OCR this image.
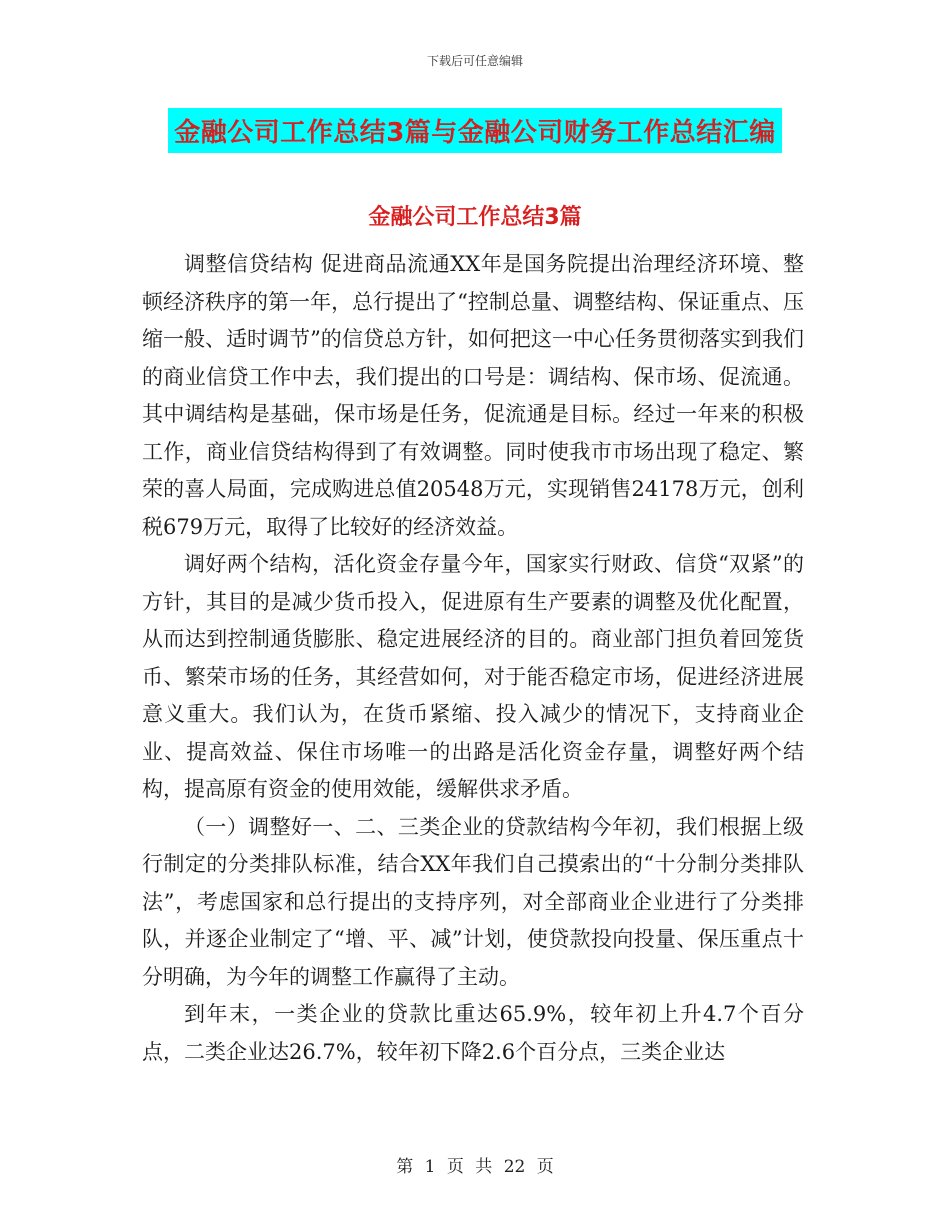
下载后可任意编辑
金融公司工作总结3篇与金融公司财务工作总结汇编
金融公司工作总结3篇

调整信贷结构 促进商品流通XX年是国务院提出治理经济环境、整顿经济秩序的第一年，总行提出了“控制总量、调整结构、保证重点、压缩一般、适时调节”的信贷总方针，如何把这一中心任务贯彻落实到我们的商业信贷工作中去，我们提出的口号是：调结构、保市场、促流通。其中调结构是基础，保市场是任务，促流通是目标。经过一年来的积极工作，商业信贷结构得到了有效调整。同时使我市市场出现了稳定、繁荣的喜人局面，完成购进总值20548万元，实现销售24178万元，创利税679万元，取得了比较好的经济效益。

调好两个结构，活化资金存量今年，国家实行财政、信贷“双紧”的方针，其目的是减少货币投入，促进原有生产要素的调整及优化配置，从而达到控制通货膨胀、稳定进展经济的目的。商业部门担负着回笼货币、繁荣市场的任务，其经营如何，对于能否稳定市场，促进经济进展意义重大。我们认为，在货币紧缩、投入减少的情况下，支持商业企业、提高效益、保住市场唯一的出路是活化资金存量，调整好两个结构，提高原有资金的使用效能，缓解供求矛盾。

（一）调整好一、二、三类企业的贷款结构今年初，我们根据上级行制定的分类排队标准，结合XX年我们自己摸索出的“十分制分类排队法”，考虑国家和总行提出的支持序列，对全部商业企业进行了分类排队，并逐企业制定了“增、平、减”计划，使贷款投向投量、保压重点十分明确，为今年的调整工作赢得了主动。

到年末，一类企业的贷款比重达65.9%，较年初上升4.7个百分点，二类企业达26.7%，较年初下降2.6个百分点，三类企业达

第 1 页 共 22 页
